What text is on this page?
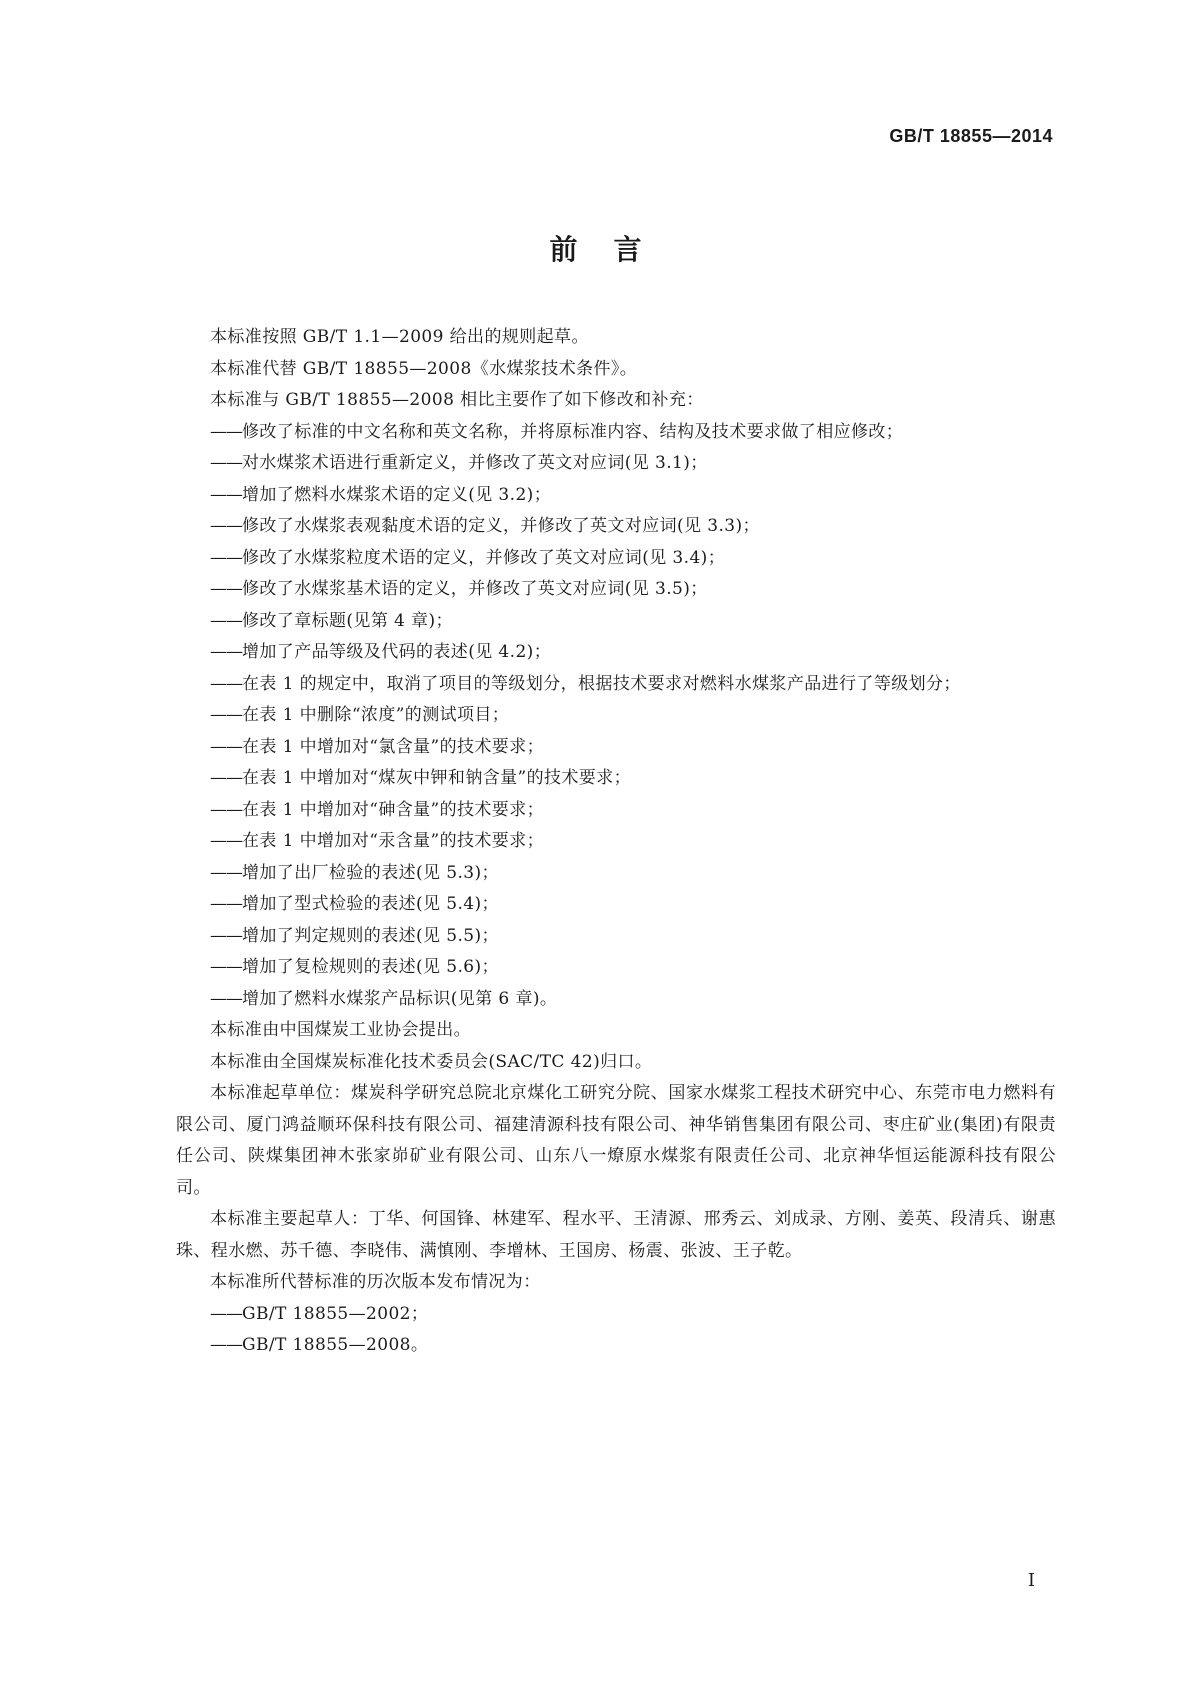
GB/T 18855—2014
前言

本标准按照 GB/T 1.1—2009 给出的规则起草。

本标准代替 GB/T 18855—2008《水煤浆技术条件》。

本标准与 GB/T 18855—2008 相比主要作了如下修改和补充：

——修改了标准的中文名称和英文名称，并将原标准内容、结构及技术要求做了相应修改；
——对水煤浆术语进行重新定义，并修改了英文对应词(见 3.1)；
——增加了燃料水煤浆术语的定义(见 3.2)；
——修改了水煤浆表观黏度术语的定义，并修改了英文对应词(见 3.3)；
——修改了水煤浆粒度术语的定义，并修改了英文对应词(见 3.4)；
——修改了水煤浆基术语的定义，并修改了英文对应词(见 3.5)；
——修改了章标题(见第 4 章)；
——增加了产品等级及代码的表述(见 4.2)；
——在表 1 的规定中，取消了项目的等级划分，根据技术要求对燃料水煤浆产品进行了等级划分；
——在表 1 中删除“浓度”的测试项目；
——在表 1 中增加对“氯含量”的技术要求；
——在表 1 中增加对“煤灰中钾和钠含量”的技术要求；
——在表 1 中增加对“砷含量”的技术要求；
——在表 1 中增加对“汞含量”的技术要求；
——增加了出厂检验的表述(见 5.3)；
——增加了型式检验的表述(见 5.4)；
——增加了判定规则的表述(见 5.5)；
——增加了复检规则的表述(见 5.6)；
——增加了燃料水煤浆产品标识(见第 6 章)。

本标准由中国煤炭工业协会提出。

本标准由全国煤炭标准化技术委员会(SAC/TC 42)归口。

本标准起草单位：煤炭科学研究总院北京煤化工研究分院、国家水煤浆工程技术研究中心、东莞市电力燃料有限公司、厦门鸿益顺环保科技有限公司、福建清源科技有限公司、神华销售集团有限公司、枣庄矿业(集团)有限责任公司、陕煤集团神木张家峁矿业有限公司、山东八一燎原水煤浆有限责任公司、北京神华恒运能源科技有限公司。

本标准主要起草人：丁华、何国锋、林建军、程水平、王清源、邢秀云、刘成录、方刚、姜英、段清兵、谢惠珠、程水燃、苏千德、李晓伟、满慎刚、李增林、王国房、杨震、张波、王子乾。

本标准所代替标准的历次版本发布情况为：

——GB/T 18855—2002；
——GB/T 18855—2008。
I
